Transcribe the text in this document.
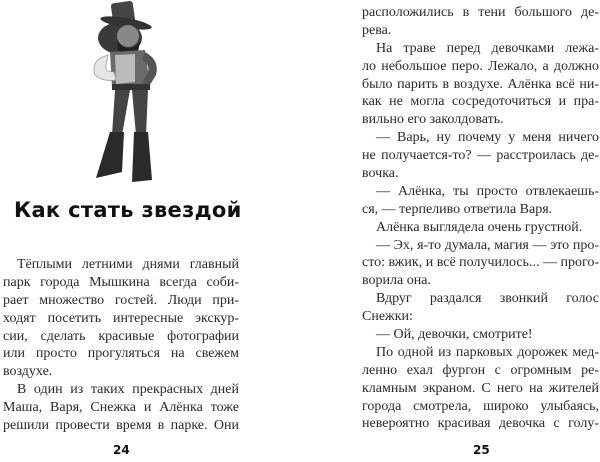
Как стать звездой
Тёплыми летними днями главный
парк города Мышкина всегда соби-
рает множество гостей. Люди при-
ходят посетить интересные экскур-
сии, сделать красивые фотографии
или просто прогуляться на свежем
воздухе.
В один из таких прекрасных дней
Маша, Варя, Снежка и Алёнка тоже
решили провести время в парке. Они
24
расположились в тени большого де-
рева.
На траве перед девочками лежа-
ло небольшое перо. Лежало, а должно
было парить в воздухе. Алёнка всё ни-
как не могла сосредоточиться и пра-
вильно его заколдовать.
— Варь, ну почему у меня ничего
не получается-то? — расстроилась де-
вочка.
— Алёнка, ты просто отвлекаешь-
ся, — терпеливо ответила Варя.
Алёнка выглядела очень грустной.
— Эх, я-то думала, магия — это про-
сто: вжик, и всё получилось... — прого-
ворила она.
Вдруг раздался звонкий голос
Снежки:
— Ой, девочки, смотрите!
По одной из парковых дорожек мед-
ленно ехал фургон с огромным ре-
кламным экраном. С него на жителей
города смотрела, широко улыбаясь,
невероятно красивая девочка с голу-
25
